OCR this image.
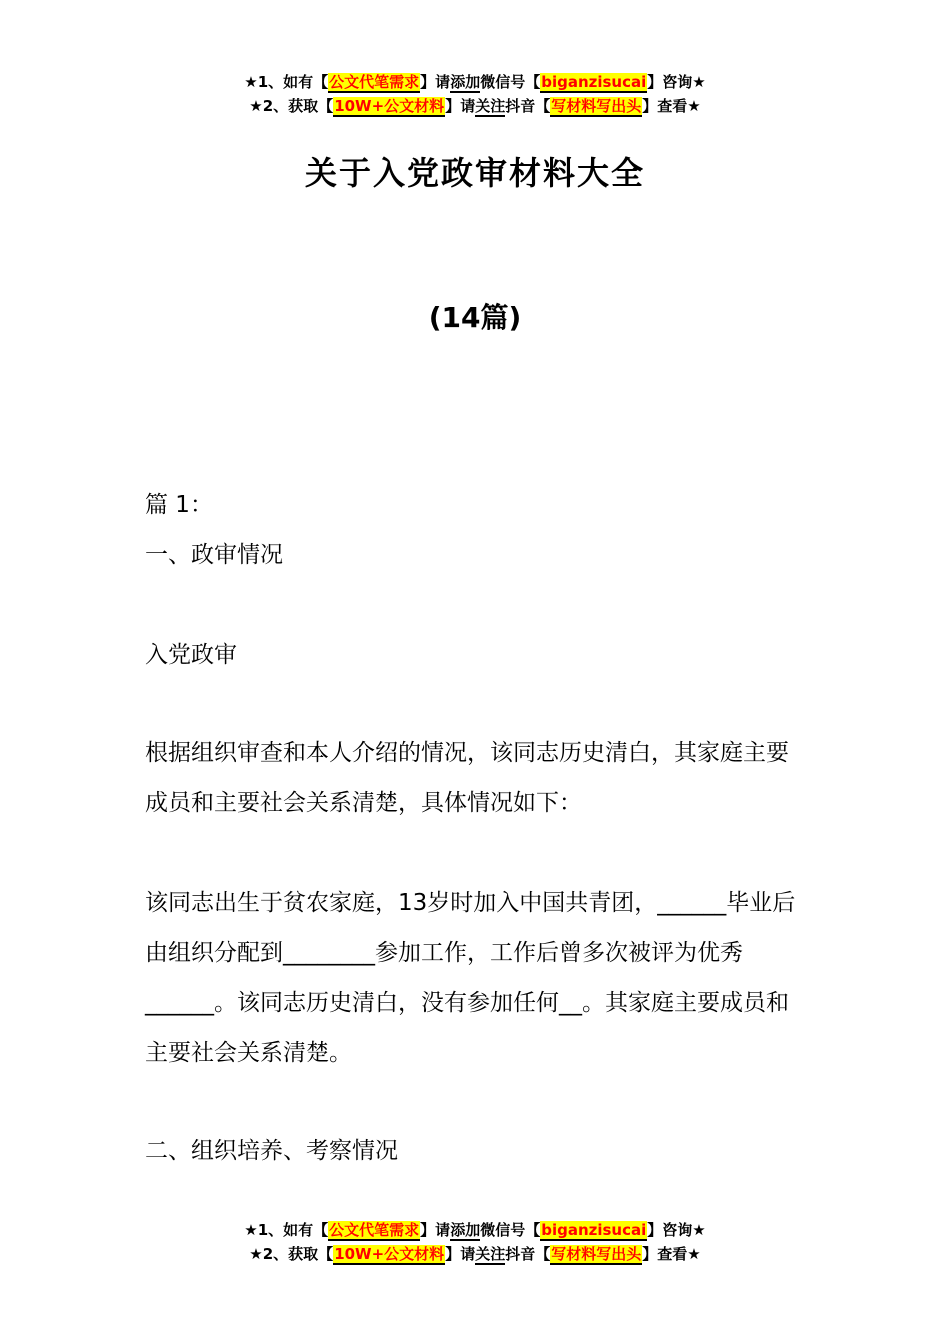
★1、如有【公文代笔需求】请添加微信号【biganzisucai】咨询★
★2、获取【10W+公文材料】请关注抖音【写材料写出头】查看★
关于入党政审材料大全
(14篇)

篇 1：

一、政审情况

入党政审

根据组织审查和本人介绍的情况，该同志历史清白，其家庭主要成员和主要社会关系清楚，具体情况如下：

该同志出生于贫农家庭，13岁时加入中国共青团，______毕业后由组织分配到________参加工作，工作后曾多次被评为优秀______。该同志历史清白，没有参加任何__。其家庭主要成员和主要社会关系清楚。

二、组织培养、考察情况

★1、如有【公文代笔需求】请添加微信号【biganzisucai】咨询★
★2、获取【10W+公文材料】请关注抖音【写材料写出头】查看★
